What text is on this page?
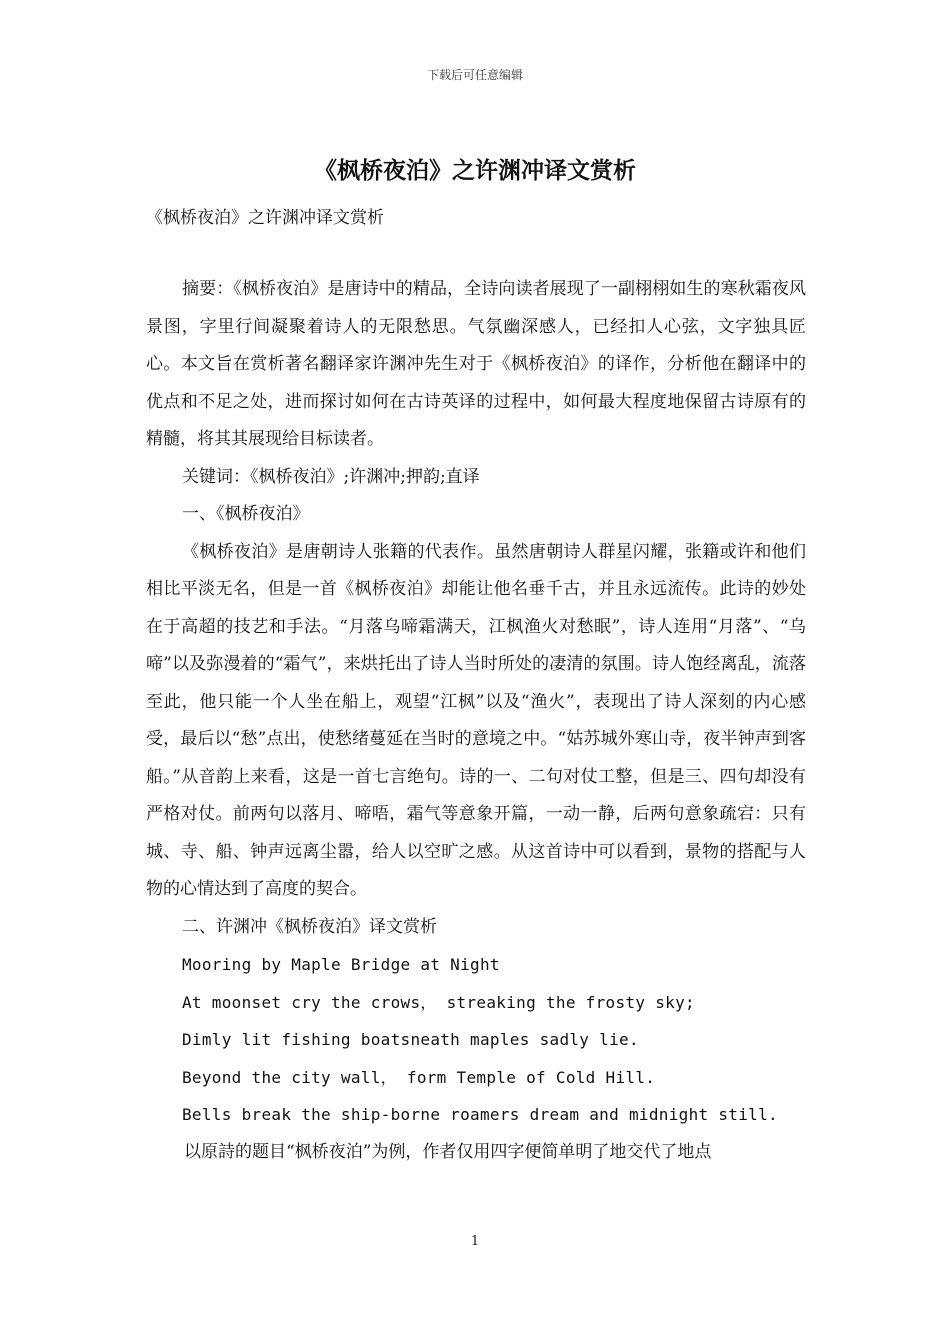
下载后可任意编辑
《枫桥夜泊》之许渊冲译文赏析
《枫桥夜泊》之许渊冲译文赏析

摘要：《枫桥夜泊》是唐诗中的精品，全诗向读者展现了一副栩栩如生的寒秋霜夜风景图，字里行间凝聚着诗人的无限愁思。气氛幽深感人，已经扣人心弦，文字独具匠心。本文旨在赏析著名翻译家许渊冲先生对于《枫桥夜泊》的译作，分析他在翻译中的优点和不足之处，进而探讨如何在古诗英译的过程中，如何最大程度地保留古诗原有的精髓，将其其展现给目标读者。

关键词：《枫桥夜泊》;许渊冲;押韵;直译

一、《枫桥夜泊》

《枫桥夜泊》是唐朝诗人张籍的代表作。虽然唐朝诗人群星闪耀，张籍或许和他们相比平淡无名，但是一首《枫桥夜泊》却能让他名垂千古，并且永远流传。此诗的妙处在于高超的技艺和手法。“月落乌啼霜满天，江枫渔火对愁眠”，诗人连用“月落”、“乌啼”以及弥漫着的“霜气”，来烘托出了诗人当时所处的凄清的氛围。诗人饱经离乱，流落至此，他只能一个人坐在船上，观望“江枫”以及“渔火”，表现出了诗人深刻的内心感受，最后以“愁”点出，使愁绪蔓延在当时的意境之中。“姑苏城外寒山寺，夜半钟声到客船。”从音韵上来看，这是一首七言绝句。诗的一、二句对仗工整，但是三、四句却没有严格对仗。前两句以落月、啼唔，霜气等意象开篇，一动一静，后两句意象疏宕：只有城、寺、船、钟声远离尘嚣，给人以空旷之感。从这首诗中可以看到，景物的搭配与人物的心情达到了高度的契合。

二、许渊冲《枫桥夜泊》译文赏析

Mooring by Maple Bridge at Night

At moonset cry the crows， streaking the frosty sky;

Dimly lit fishing boatsneath maples sadly lie.

Beyond the city wall， form Temple of Cold Hill.

Bells break the ship-borne roamers dream and midnight still.

以原詩的题目“枫桥夜泊”为例，作者仅用四字便简单明了地交代了地点

1
